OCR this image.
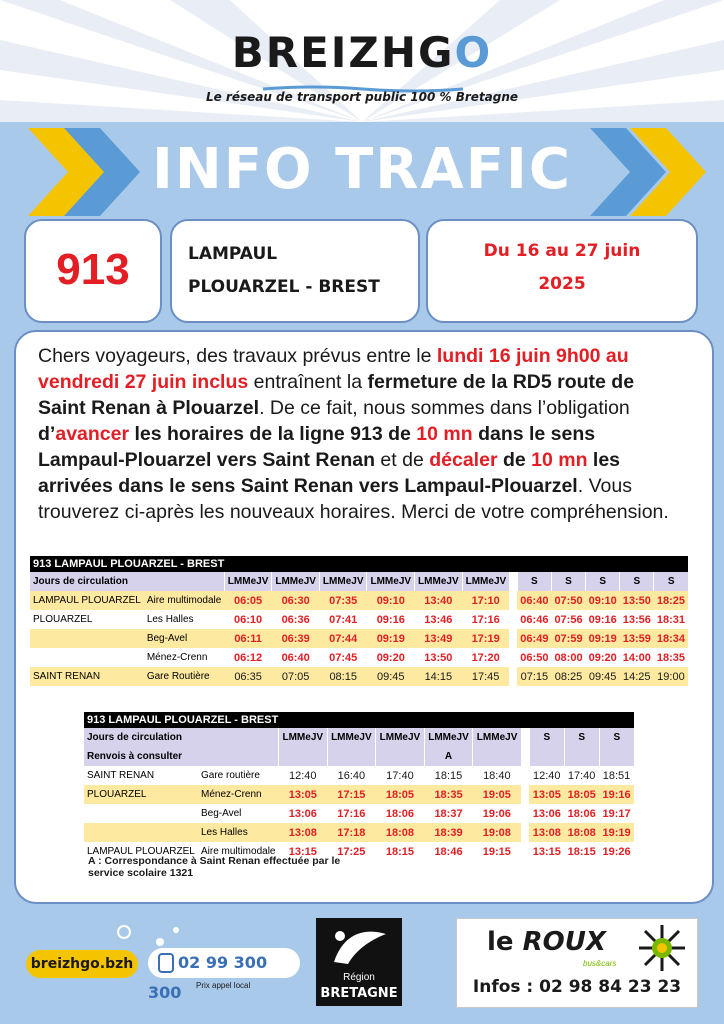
BREIZHGO
Le réseau de transport public 100 % Bretagne
INFO TRAFIC
913	LAMPAUL
PLOUARZEL - BREST
Du 16 au 27 juin
2025
Chers voyageurs, des travaux prévus entre le lundi 16 juin 9h00 au vendredi 27 juin inclus entraînent la fermeture de la RD5 route de Saint Renan à Plouarzel. De ce fait, nous sommes dans l’obligation d’avancer les horaires de la ligne 913 de 10 mn dans le sens Lampaul-Plouarzel vers Saint Renan et de décaler de 10 mn les arrivées dans le sens Saint Renan vers Lampaul-Plouarzel. Vous trouverez ci-après les nouveaux horaires. Merci de votre compréhension.
913 LAMPAUL PLOUARZEL - BREST													
Jours de circulation		LMMeJV	LMMeJV	LMMeJV	LMMeJV	LMMeJV	LMMeJV		S	S	S	S	S
LAMPAUL PLOUARZEL	Aire multimodale	06:05	06:30	07:35	09:10	13:40	17:10		06:40	07:50	09:10	13:50	18:25
PLOUARZEL	Les Halles	06:10	06:36	07:41	09:16	13:46	17:16		06:46	07:56	09:16	13:56	18:31
	Beg-Avel	06:11	06:39	07:44	09:19	13:49	17:19		06:49	07:59	09:19	13:59	18:34
	Ménez-Crenn	06:12	06:40	07:45	09:20	13:50	17:20		06:50	08:00	09:20	14:00	18:35
SAINT RENAN	Gare Routière	06:35	07:05	08:15	09:45	14:15	17:45		07:15	08:25	09:45	14:25	19:00
913 LAMPAUL PLOUARZEL - BREST										
Jours de circulation		LMMeJV	LMMeJV	LMMeJV	LMMeJV	LMMeJV		S	S	S
Renvois à consulter					A					
SAINT RENAN	Gare routière	12:40	16:40	17:40	18:15	18:40		12:40	17:40	18:51
PLOUARZEL	Ménez-Crenn	13:05	17:15	18:05	18:35	19:05		13:05	18:05	19:16
	Beg-Avel	13:06	17:16	18:06	18:37	19:06		13:06	18:06	19:17
	Les Halles	13:08	17:18	18:08	18:39	19:08		13:08	18:08	19:19
LAMPAUL PLOUARZEL	Aire multimodale	13:15	17:25	18:15	18:46	19:15		13:15	18:15	19:26
A : Correspondance à Saint Renan effectuée par le service scolaire 1321
breizhgo.bzh	02 99 300 300	Prix appel local
Région
BRETAGNE
le ROUX
bus&cars
Infos : 02 98 84 23 23
